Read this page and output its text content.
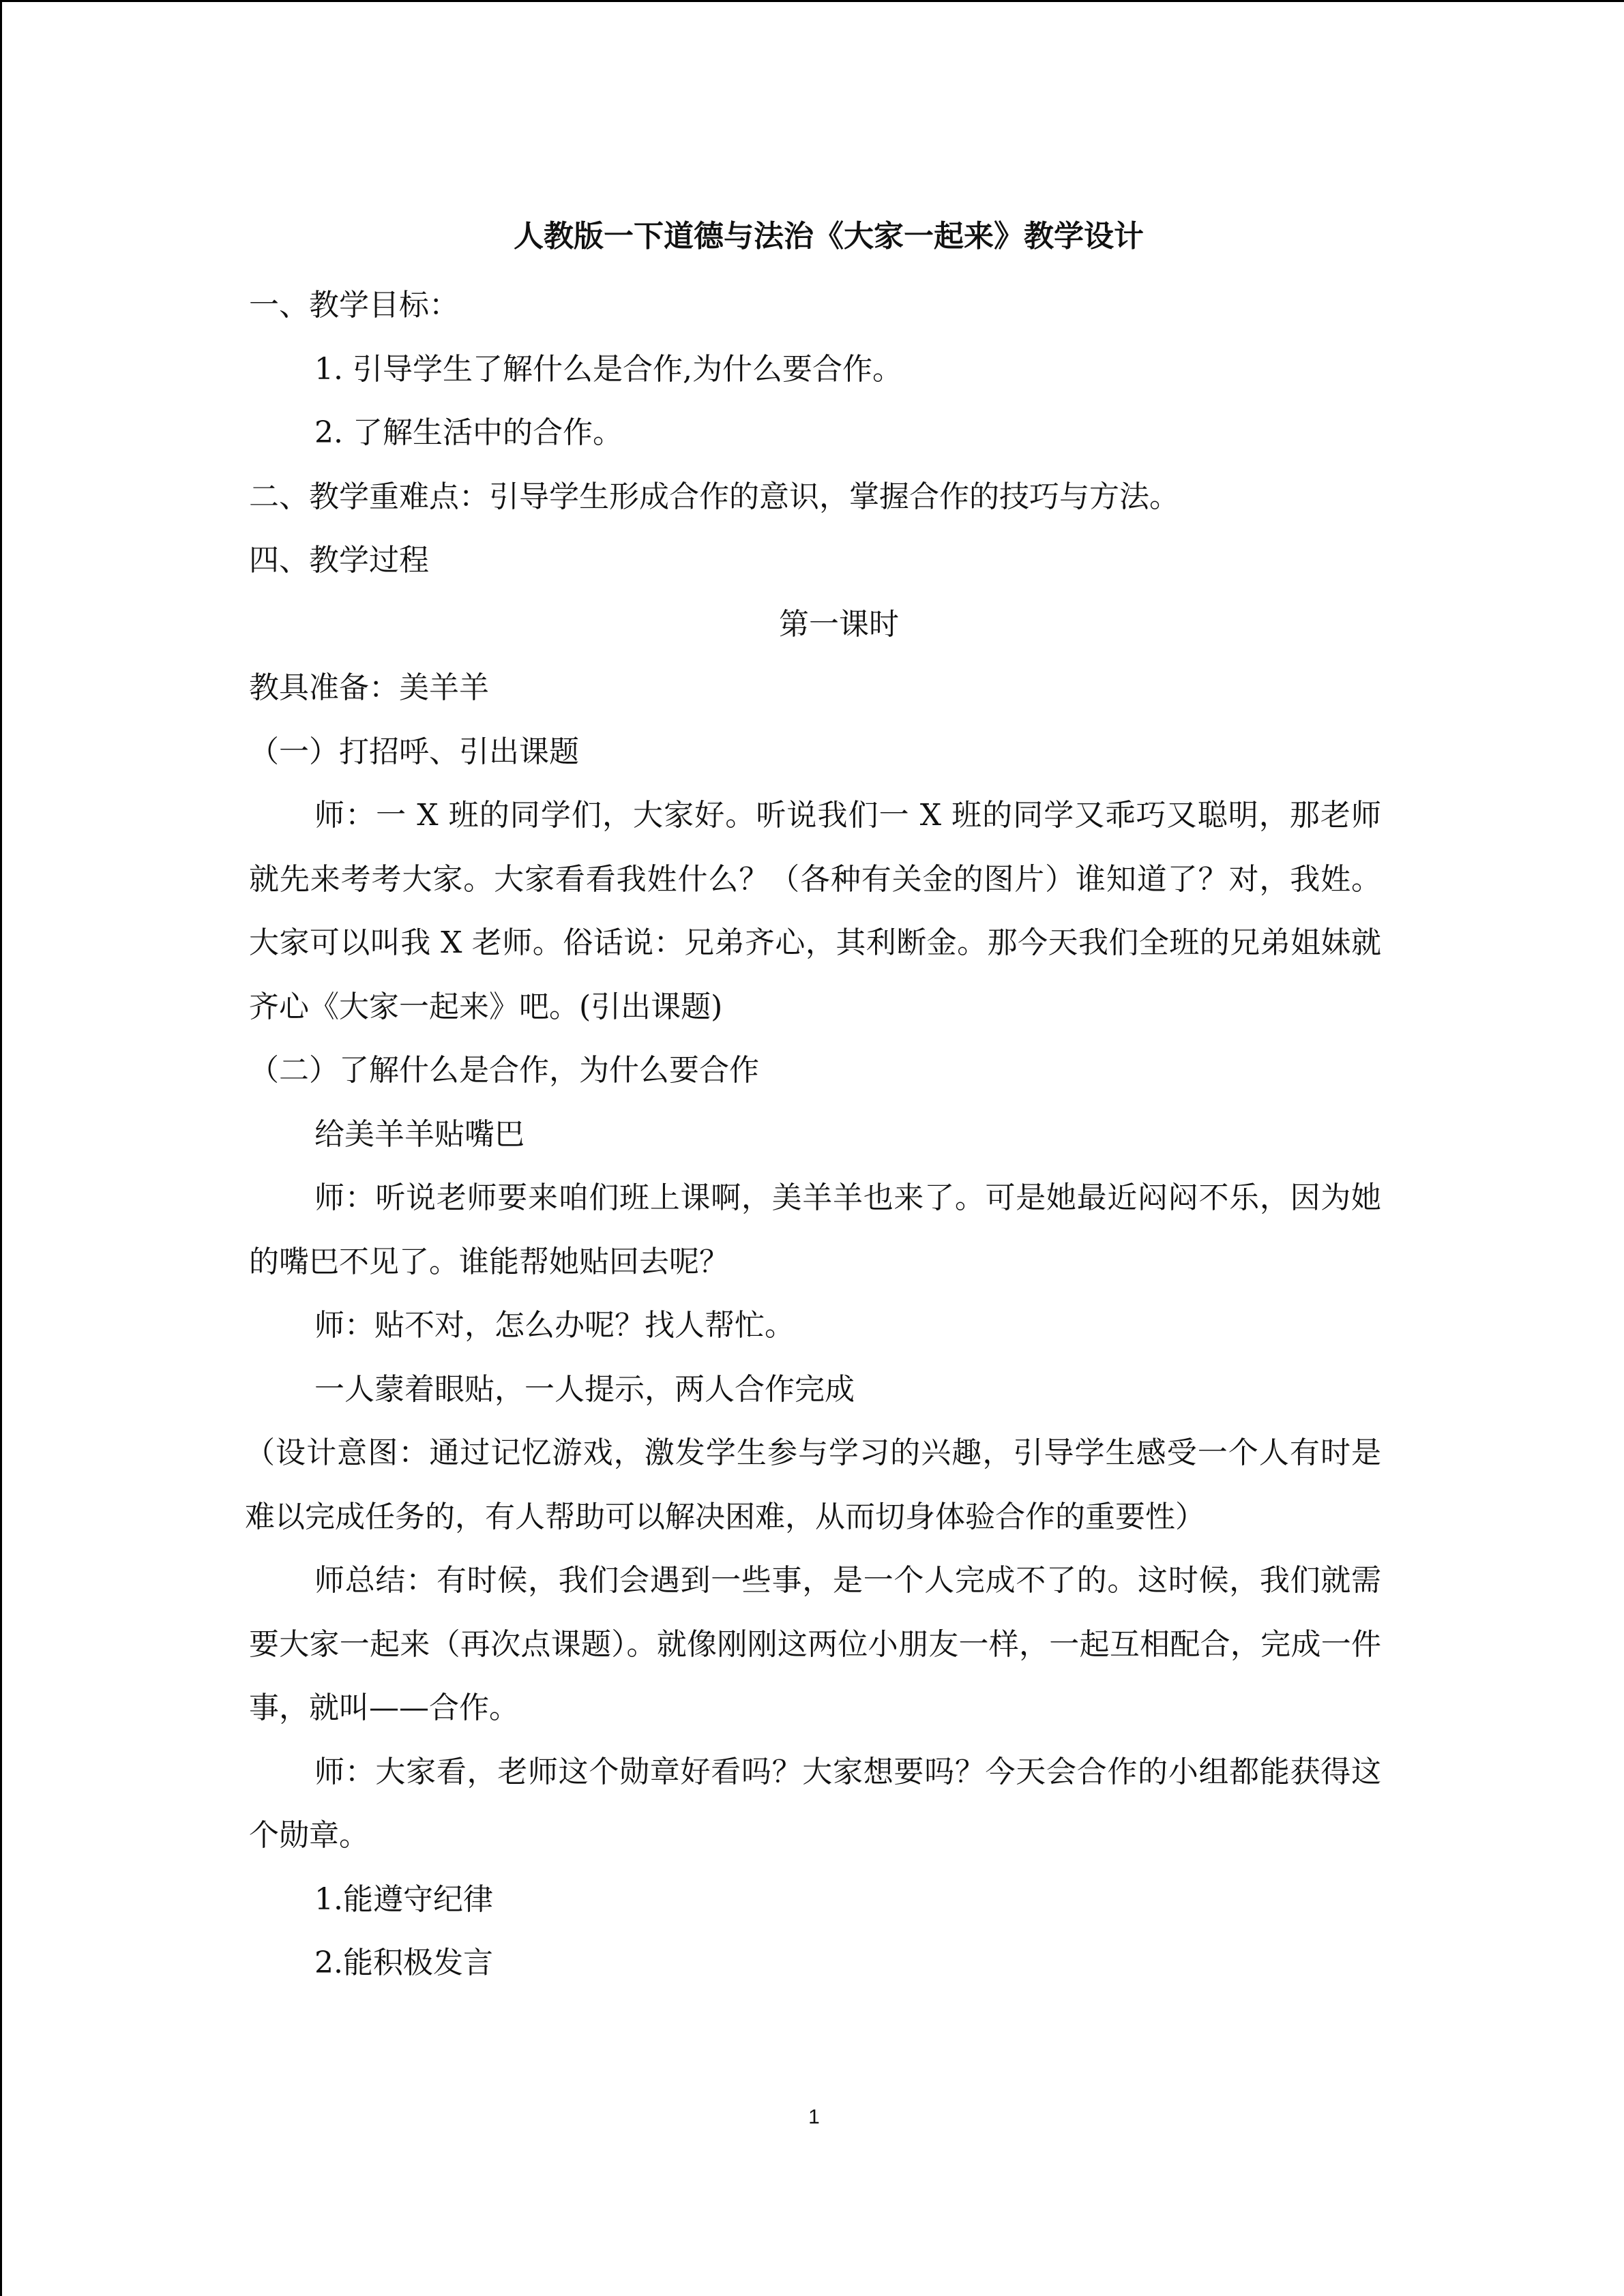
人教版一下道德与法治《大家一起来》教学设计

一、教学目标：

1. 引导学生了解什么是合作,为什么要合作。

2. 了解生活中的合作。

二、教学重难点：引导学生形成合作的意识，掌握合作的技巧与方法。

四、教学过程

第一课时

教具准备：美羊羊

（一）打招呼、引出课题

师：一 X 班的同学们，大家好。听说我们一 X 班的同学又乖巧又聪明，那老师就先来考考大家。大家看看我姓什么？（各种有关金的图片）谁知道了？对，我姓。大家可以叫我 X 老师。俗话说：兄弟齐心，其利断金。那今天我们全班的兄弟姐妹就齐心《大家一起来》吧。(引出课题)

（二）了解什么是合作，为什么要合作

给美羊羊贴嘴巴

师：听说老师要来咱们班上课啊，美羊羊也来了。可是她最近闷闷不乐，因为她的嘴巴不见了。谁能帮她贴回去呢？

师：贴不对，怎么办呢？找人帮忙。

一人蒙着眼贴，一人提示，两人合作完成

（设计意图：通过记忆游戏，激发学生参与学习的兴趣，引导学生感受一个人有时是难以完成任务的，有人帮助可以解决困难，从而切身体验合作的重要性）

师总结：有时候，我们会遇到一些事，是一个人完成不了的。这时候，我们就需要大家一起来（再次点课题）。就像刚刚这两位小朋友一样，一起互相配合，完成一件事，就叫——合作。

师：大家看，老师这个勋章好看吗？大家想要吗？今天会合作的小组都能获得这个勋章。

1.能遵守纪律

2.能积极发言

1
